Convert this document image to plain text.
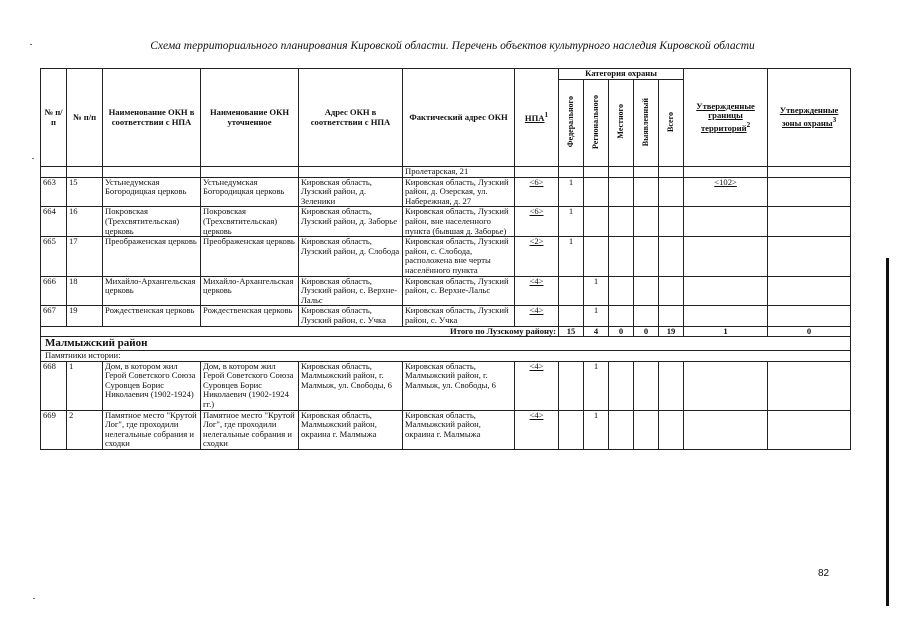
Схема территориального планирования Кировской области. Перечень объектов культурного наследия Кировской области
№ п/п	№ п/п	Наименование ОКН в соответствии с НПА	Наименование ОКН уточненное	Адрес ОКН в соответствии с НПА	Фактический адрес ОКН	НПА$^1$	Категория охраны					Утвержденные границы территорий$^2$	Утвержденные зоны охраны$^3$
							Федерального	Регионального	Местного	Выявленный	Всего		
					Пролетарская, 21								
663	15	Устьнедумская Богородицкая церковь	Устьнедумская Богородицкая церковь	Кировская область, Лузский район, д. Зеленики	Кировская область, Лузский район, д. Озерская, ул. Набережная, д. 27	<6>	1					<102>	
664	16	Покровская (Трехсвятительская) церковь	Покровская (Трехсвятительская) церковь	Кировская область, Лузский район, д. Заборье	Кировская область, Лузский район, вне населенного пункта (бывшая д. Заборье)	<6>	1						
665	17	Преображенская церковь	Преображенская церковь	Кировская область, Лузский район, д. Слобода	Кировская область, Лузский район, с. Слобода, расположена вне черты населённого пункта	<2>	1						
666	18	Михайло-Архангельская церковь	Михайло-Архангельская церковь	Кировская область, Лузский район, с. Верхне-Лальс	Кировская область, Лузский район, с. Верхне-Лальс	<4>		1					
667	19	Рождественская церковь	Рождественская церковь	Кировская область, Лузский район, с. Учка	Кировская область, Лузский район, с. Учка	<4>		1					
Итого по Лузскому району:							15	4	0	0	19	1	0
Малмыжский район													
Памятники истории:													
668	1	Дом, в котором жил Герой Советского Союза Суровцев Борис Николаевич (1902-1924)	Дом, в котором жил Герой Советского Союза Суровцев Борис Николаевич (1902-1924 гг.)	Кировская область, Малмыжский район, г. Малмыж, ул. Свободы, 6	Кировская область, Малмыжский район, г. Малмыж, ул. Свободы, 6	<4>		1					
669	2	Памятное место "Крутой Лог", где проходили нелегальные собрания и сходки	Памятное место "Крутой Лог", где проходили нелегальные собрания и сходки	Кировская область, Малмыжский район, окраина г. Малмыжа	Кировская область, Малмыжский район, окраина г. Малмыжа	<4>		1					
82
